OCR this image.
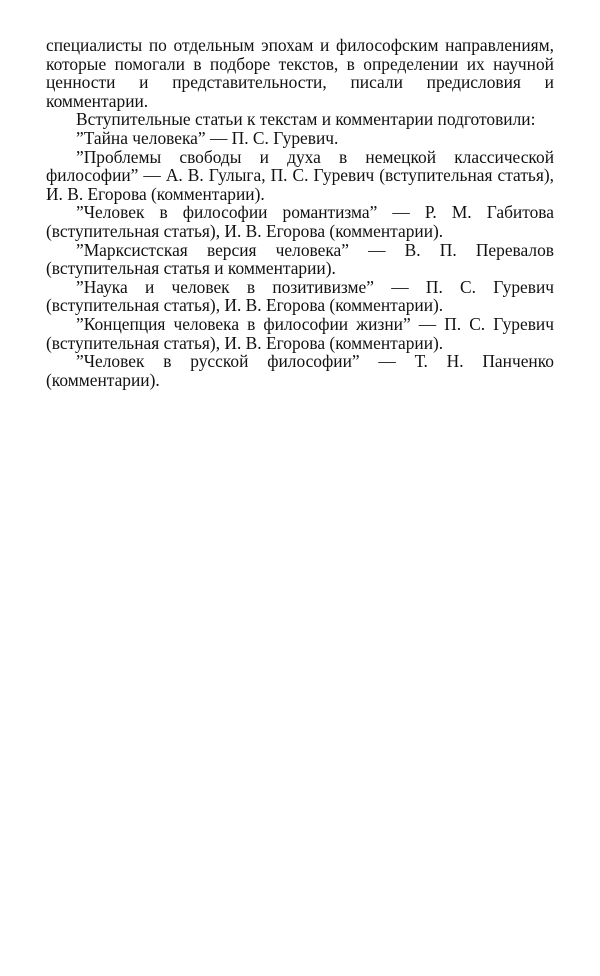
специалисты по отдельным эпохам и философским направлениям, которые помогали в подборе текстов, в определении их научной ценности и представительности, писали предисловия и комментарии.

Вступительные статьи к текстам и комментарии подготовили:

”Тайна человека” — П. С. Гуревич.

”Проблемы свободы и духа в немецкой классической философии” — А. В. Гулыга, П. С. Гуревич (вступительная статья), И. В. Егорова (комментарии).

”Человек в философии романтизма” — Р. М. Габитова (вступительная статья), И. В. Егорова (комментарии).

”Марксистская версия человека” — В. П. Перевалов (вступительная статья и комментарии).

”Наука и человек в позитивизме” — П. С. Гуревич (вступительная статья), И. В. Егорова (комментарии).

”Концепция человека в философии жизни” — П. С. Гуревич (вступительная статья), И. В. Егорова (комментарии).

”Человек в русской философии” — Т. Н. Панченко (комментарии).
